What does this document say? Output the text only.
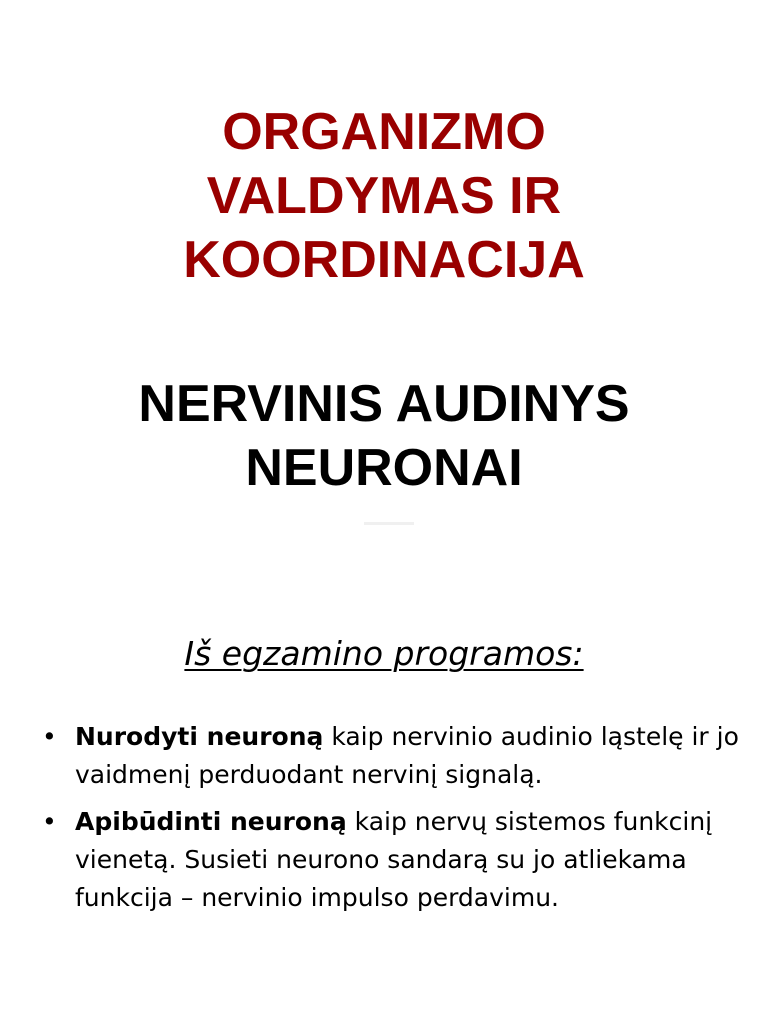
ORGANIZMO
VALDYMAS IR
KOORDINACIJA
NERVINIS AUDINYS
NEURONAI
Iš egzamino programos:
• Nurodyti neuroną kaip nervinio audinio ląstelę ir jo vaidmenį perduodant nervinį signalą.
• Apibūdinti neuroną kaip nervų sistemos funkcinį vienetą. Susieti neurono sandarą su jo atliekama funkcija – nervinio impulso perdavimu.
